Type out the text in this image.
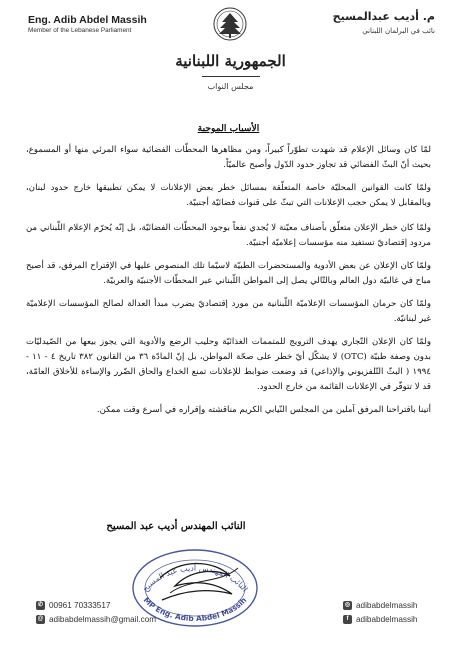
Eng. Adib Abdel Massih
Member of the Lebanese Parliament
م. أديب عبدالمسيح
نائب في البرلمان اللبناني
الجمهورية اللبنانية
مجلس النواب
الأسباب الموجبة

لمّا كان وسائل الإعلام قد شهدت تطوّراً كبيراً، ومن مظاهرها المحطّات الفضائية سواء المرئي منها أو المسموع، بحيث أنّ البثّ الفضائي قد تجاوز حدود الدّول وأصبح عالميّاً.

ولمّا كانت القوانين المحليّة خاصة المتعلّقة بمسائل خطر بعض الإعلانات لا يمكن تطبيقها خارج حدود لبنان، وبالمقابل لا يمكن حجب الإعلانات التي تبثّ على قنوات فضائيّة أجنبيّة.

ولمّا كان خطر الإعلان متعلّق بأصناف معيّنة لا يُجدي نفعاً بوجود المحطّات الفضائيّة، بل إنّه يُحرّم الإعلام اللّبناني من مردود إقتصاديّ تستفيد منه مؤسسات إعلاميّة أجنبيّة.

ولمّا كان الإعلان عن بعض الأدوية والمستحضرات الطبيّة لاسيّما تلك المنصوص عليها في الإقتراح المرفق، قد أصبح مباح في غالبيّة دول العالم وبالتّالي يصل إلى المواطن اللّبناني عبر المحطّات الأجنبيّة والعربيّة.

ولمّا كان حرمان المؤسسات الإعلاميّة اللّبنانية من مورد إقتصاديّ يضرب مبدأ العدالة لصالح المؤسسات الإعلاميّة غير لبنانيّة.

ولمّا كان الإعلان التّجاري يهدف الترويج للمتممات الغذائيّة وحليب الرضع والأدوية التي يجوز بيعها من الصّيدليّات بدون وصفة طبيّة (OTC) لا يشكّل أيّ خطر على صحّة المواطن، بل إنّ المادّة ٣٦ من القانون ٣٨٢ تاريخ ٤ - ١١ - ١٩٩٤ ( البثّ التّلفزيوني والإذاعي) قد وضعت ضوابط للإعلانات تمنع الخداع والحاق الضّرر والإساءة للأخلاق العامّة، قد لا تتوفّر في الإعلانات القائمة من خارج الحدود.

أتينا باقتراحنا المرفق آملين من المجلس النّيابي الكريم مناقشته وإقراره في أسرع وقت ممكن.

النائب المهندس أديب عبد المسيح
النائب المهندس أديب عبد المسيح
MP Eng. Adib Abdel Massih
✆ 00961 70333517
@ adibabdelmassih@gmail.com
◎ adibabdelmassih
f adibabdelmassih
